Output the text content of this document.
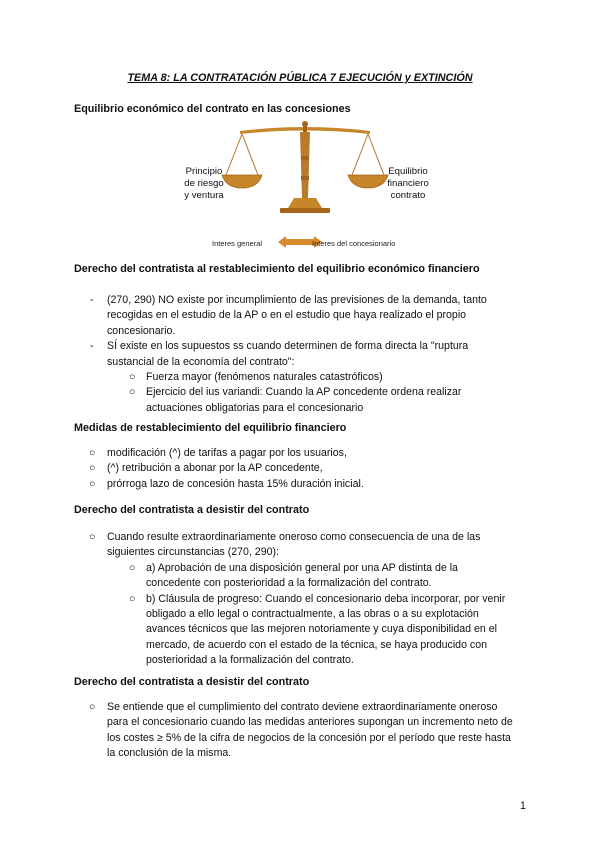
TEMA 8: LA CONTRATACIÓN PÚBLICA 7 EJECUCIÓN y EXTINCIÓN
Equilibrio económico del contrato en las concesiones
Principio
de riesgo
y ventura
Equilibrio
financiero
contrato
Interes general	Interes del concesionario
Derecho del contratista al restablecimiento del equilibrio económico financiero
- (270, 290) NO existe por incumplimiento de las previsiones de la demanda, tanto recogidas en el estudio de la AP o en el estudio que haya realizado el propio concesionario.
- SÍ existe en los supuestos ss cuando determinen de forma directa la "ruptura sustancial de la economía del contrato":
○ Fuerza mayor (fenómenos naturales catastróficos)
○ Ejercicio del ius variandi: Cuando la AP concedente ordena realizar actuaciones obligatorias para el concesionario
Medidas de restablecimiento del equilibrio financiero
○ modificación (^) de tarifas a pagar por los usuarios,
○ (^) retribución a abonar por la AP concedente,
○ prórroga lazo de concesión hasta 15% duración inicial.
Derecho del contratista a desistir del contrato
○ Cuando resulte extraordinariamente oneroso como consecuencia de una de las siguientes circunstancias (270, 290):
○ a) Aprobación de una disposición general por una AP distinta de la concedente con posterioridad a la formalización del contrato.
○ b) Cláusula de progreso: Cuando el concesionario deba incorporar, por venir obligado a ello legal o contractualmente, a las obras o a su explotación avances técnicos que las mejoren notoriamente y cuya disponibilidad en el mercado, de acuerdo con el estado de la técnica, se haya producido con posterioridad a la formalización del contrato.
Derecho del contratista a desistir del contrato
○ Se entiende que el cumplimiento del contrato deviene extraordinariamente oneroso para el concesionario cuando las medidas anteriores supongan un incremento neto de los costes ≥ 5% de la cifra de negocios de la concesión por el período que reste hasta la conclusión de la misma.
1
